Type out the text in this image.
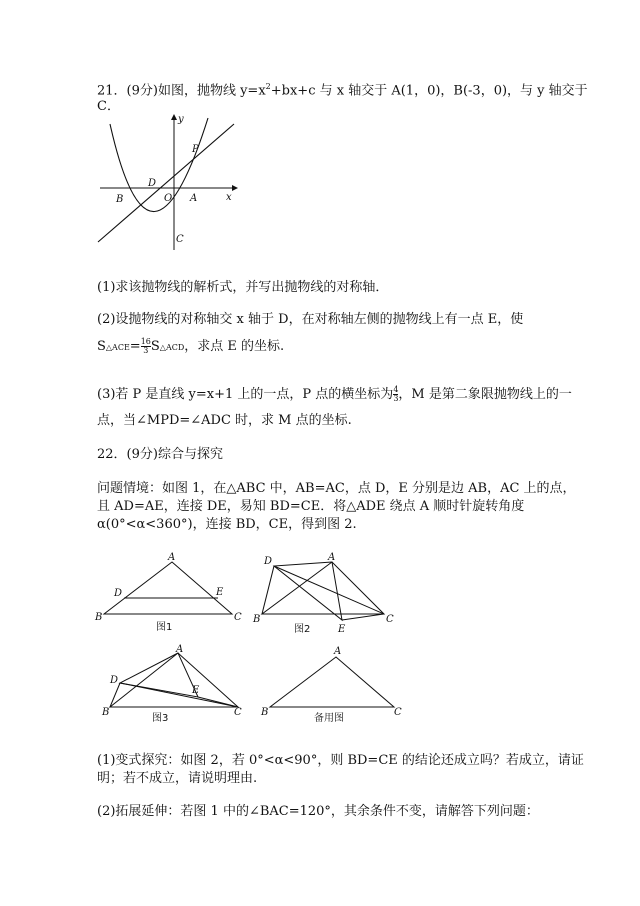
21．(9分)如图，抛物线 $y=x^2+bx+c$ 与 x 轴交于 A(1，0)，B(-3，0)，与 y 轴交于
C．
y
x
P
D
O A
B
C
(1)求该抛物线的解析式，并写出抛物线的对称轴．
(2)设抛物线的对称轴交 x 轴于 D，在对称轴左侧的抛物线上有一点 E，使
S△ACE= $\frac{16}{3}$ S△ACD，求点 E 的坐标.
(3)若 P 是直线 y=x+1 上的一点，P 点的横坐标为 $\frac{4}{3}$ ，M 是第二象限抛物线上的一
点，当∠MPD=∠ADC 时，求 M 点的坐标.
22．(9分)综合与探究
问题情境：如图 1，在△ABC 中，AB=AC，点 D，E 分别是边 AB，AC 上的点，
且 AD=AE，连接 DE，易知 BD=CE．将△ADE 绕点 A 顺时针旋转角度
α(0°<α<360°)，连接 BD，CE，得到图 2.
A
B	C
D	E
图1
A
B	C
D
E
图2
A
B	C
D
E
图3
A
B	C
备用图
(1)变式探究：如图 2，若 0°<α<90°，则 BD=CE 的结论还成立吗？若成立，请证
明；若不成立，请说明理由.
(2)拓展延伸：若图 1 中的∠BAC=120°，其余条件不变，请解答下列问题：
